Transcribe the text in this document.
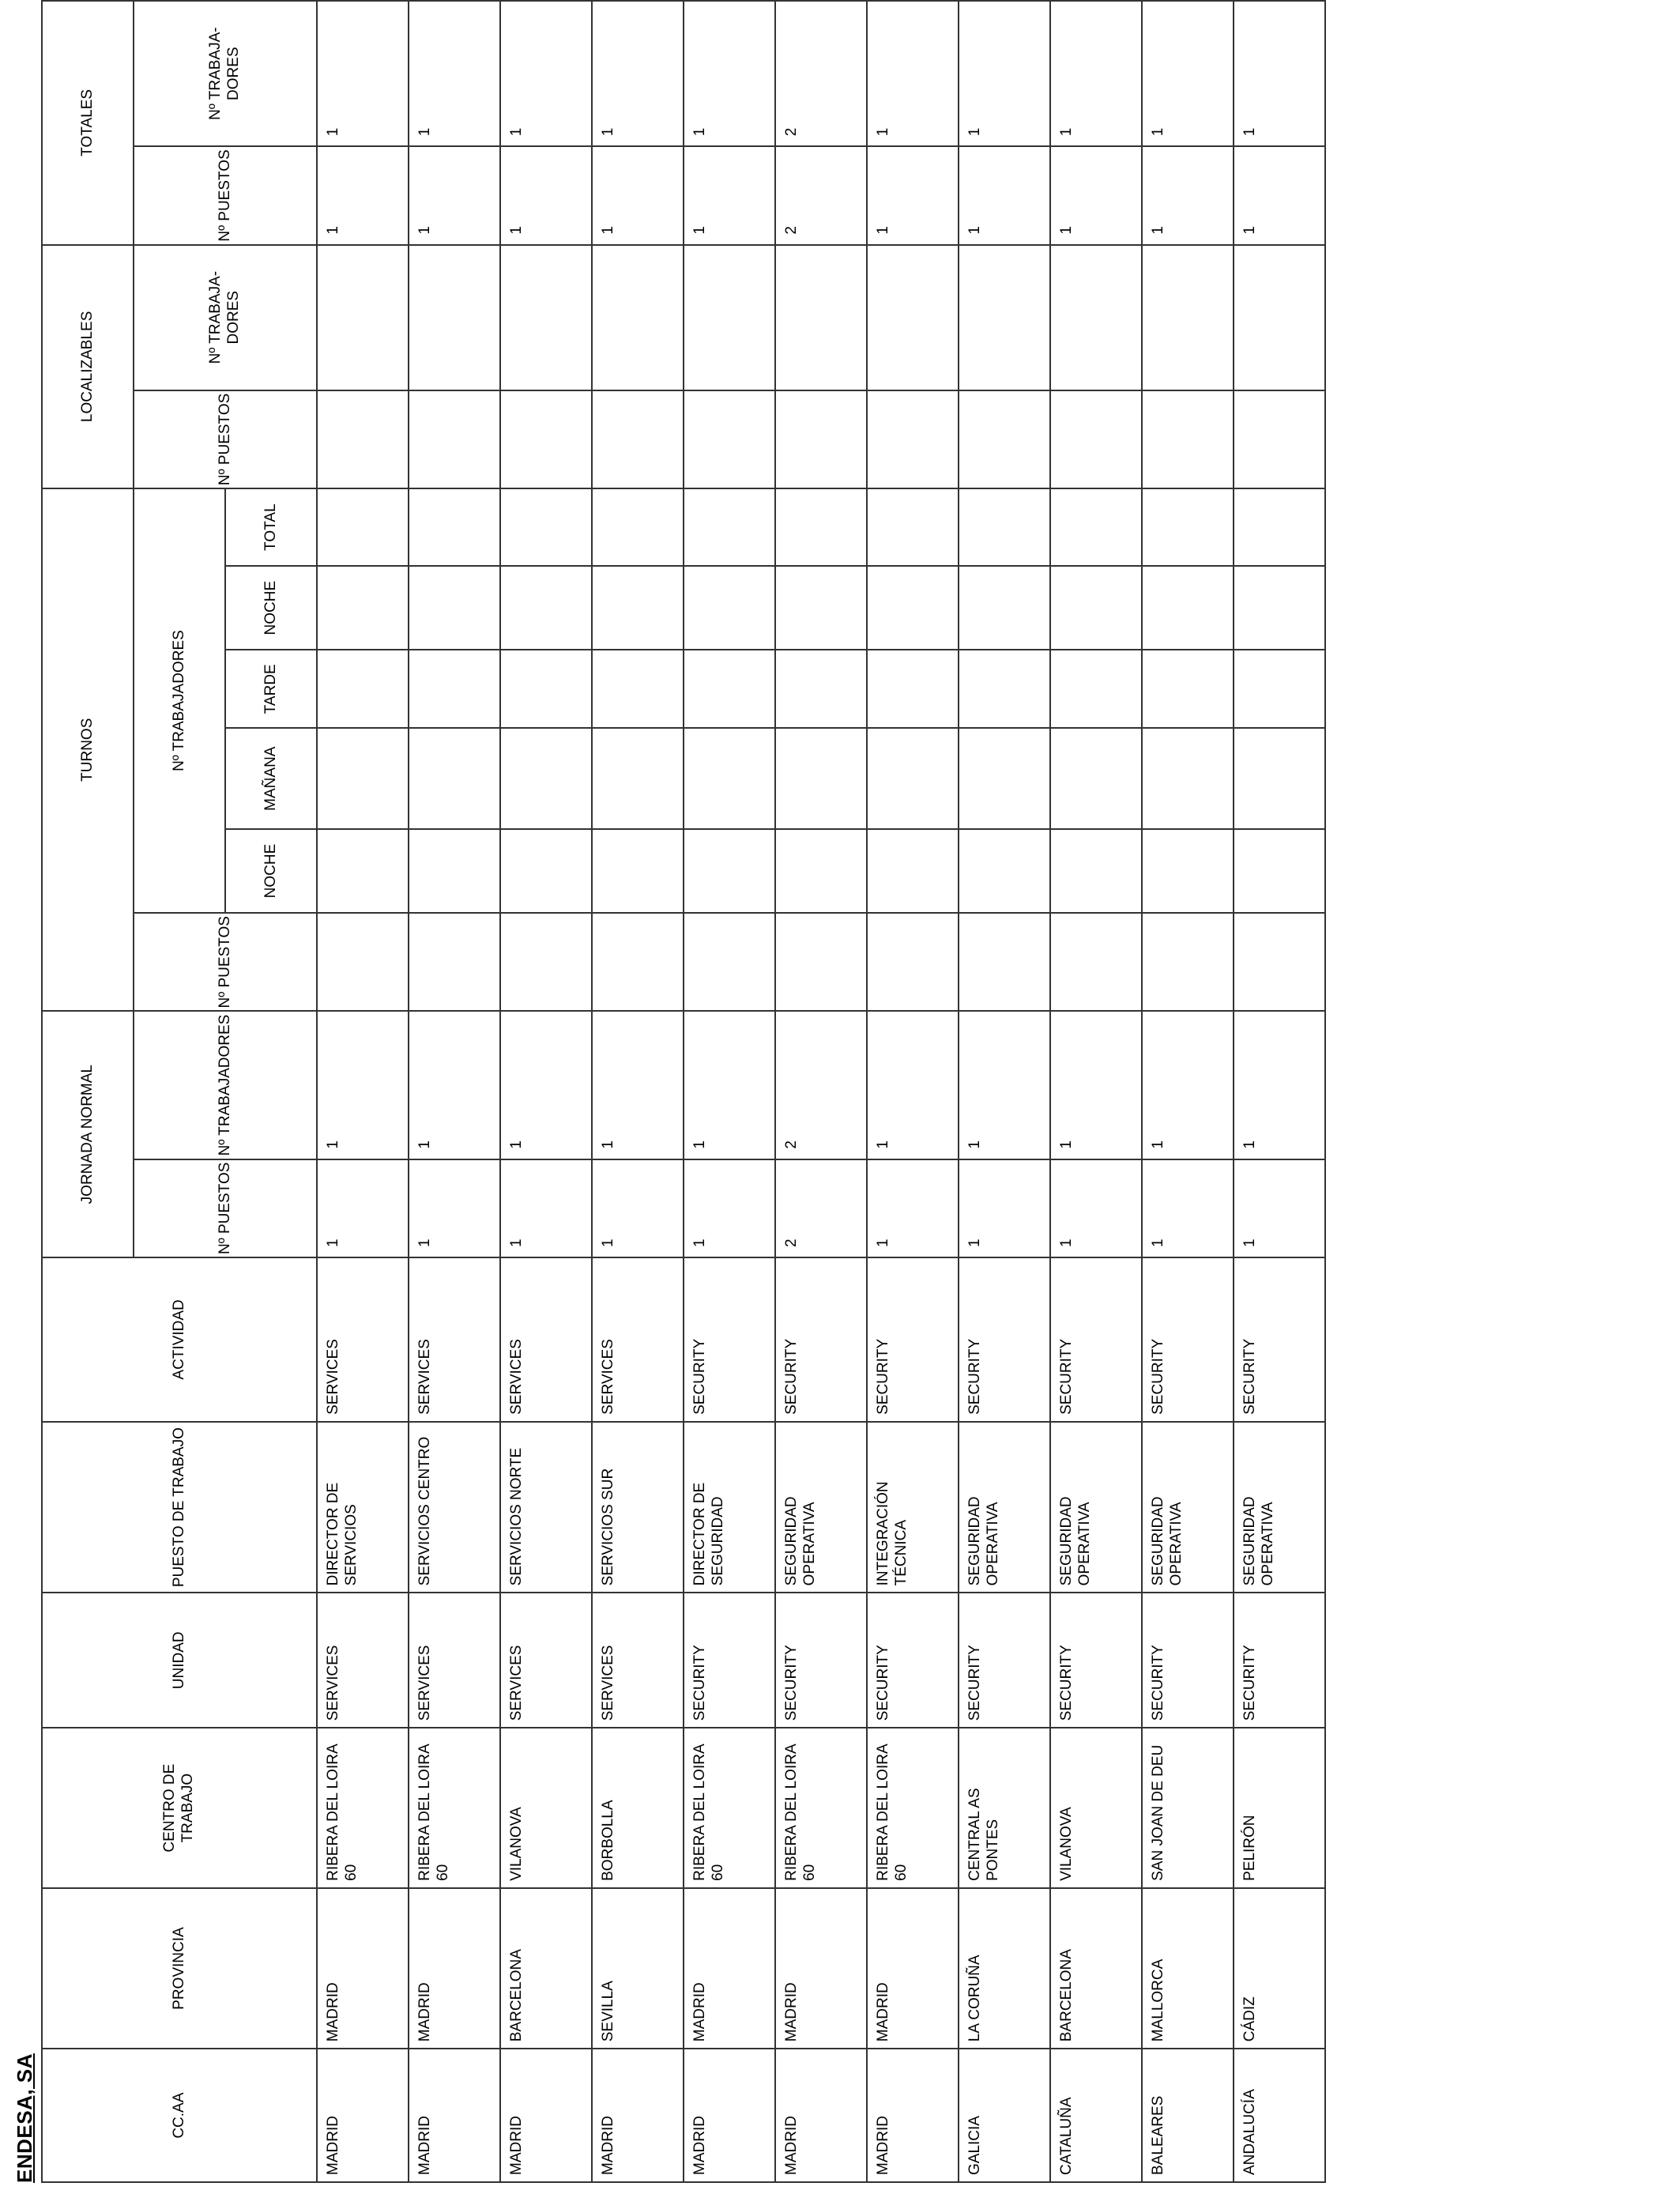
ENDESA, SA	CC.AA	PROVINCIA	CENTRO DE TRABAJO	UNIDAD	PUESTO DE TRABAJO	ACTIVIDAD	JORNADA NORMAL		TURNOS						LOCALIZABLES		TOTALES	
						Nº PUESTOS	Nº TRABAJADORES	Nº PUESTOS	Nº TRABAJADORES					Nº PUESTOS	Nº TRABAJA-DORES	Nº PUESTOS	Nº TRABAJA-DORES
									NOCHE	MAÑANA	TARDE	NOCHE	TOTAL				
MADRID	MADRID	RIBERA DEL LOIRA 60	SERVICES	DIRECTOR DE SERVICIOS	SERVICES	1	1									1	1
MADRID	MADRID	RIBERA DEL LOIRA 60	SERVICES	SERVICIOS CENTRO	SERVICES	1	1									1	1
MADRID	BARCELONA	VILANOVA	SERVICES	SERVICIOS NORTE	SERVICES	1	1									1	1
MADRID	SEVILLA	BORBOLLA	SERVICES	SERVICIOS SUR	SERVICES	1	1									1	1
MADRID	MADRID	RIBERA DEL LOIRA 60	SECURITY	DIRECTOR DE SEGURIDAD	SECURITY	1	1									1	1
MADRID	MADRID	RIBERA DEL LOIRA 60	SECURITY	SEGURIDAD OPERATIVA	SECURITY	2	2									2	2
MADRID	MADRID	RIBERA DEL LOIRA 60	SECURITY	INTEGRACIÓN TÉCNICA	SECURITY	1	1									1	1
GALICIA	LA CORUÑA	CENTRAL AS PONTES	SECURITY	SEGURIDAD OPERATIVA	SECURITY	1	1									1	1
CATALUÑA	BARCELONA	VILANOVA	SECURITY	SEGURIDAD OPERATIVA	SECURITY	1	1									1	1
BALEARES	MALLORCA	SAN JOAN DE DEU	SECURITY	SEGURIDAD OPERATIVA	SECURITY	1	1									1	1
ANDALUCÍA	CÁDIZ	PELIRÓN	SECURITY	SEGURIDAD OPERATIVA	SECURITY	1	1									1	1
